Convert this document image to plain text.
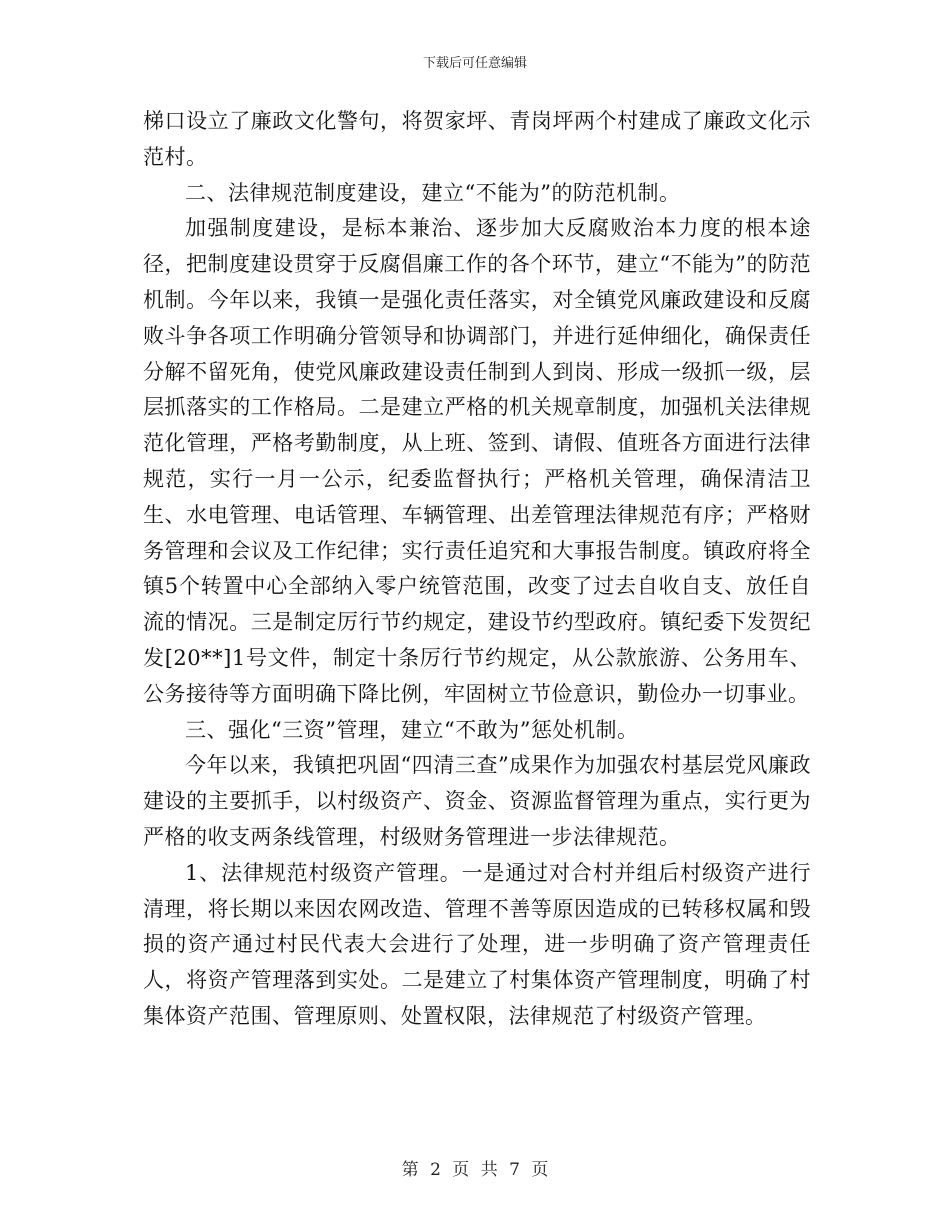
下载后可任意编辑

梯口设立了廉政文化警句，将贺家坪、青岗坪两个村建成了廉政文化示范村。

二、法律规范制度建设，建立“不能为”的防范机制。

加强制度建设，是标本兼治、逐步加大反腐败治本力度的根本途径，把制度建设贯穿于反腐倡廉工作的各个环节，建立“不能为”的防范机制。今年以来，我镇一是强化责任落实，对全镇党风廉政建设和反腐败斗争各项工作明确分管领导和协调部门，并进行延伸细化，确保责任分解不留死角，使党风廉政建设责任制到人到岗、形成一级抓一级，层层抓落实的工作格局。二是建立严格的机关规章制度，加强机关法律规范化管理，严格考勤制度，从上班、签到、请假、值班各方面进行法律规范，实行一月一公示，纪委监督执行；严格机关管理，确保清洁卫生、水电管理、电话管理、车辆管理、出差管理法律规范有序；严格财务管理和会议及工作纪律；实行责任追究和大事报告制度。镇政府将全镇5个转置中心全部纳入零户统管范围，改变了过去自收自支、放任自流的情况。三是制定厉行节约规定，建设节约型政府。镇纪委下发贺纪发[20**]1号文件，制定十条厉行节约规定，从公款旅游、公务用车、公务接待等方面明确下降比例，牢固树立节俭意识，勤俭办一切事业。

三、强化“三资”管理，建立“不敢为”惩处机制。

今年以来，我镇把巩固“四清三查”成果作为加强农村基层党风廉政建设的主要抓手，以村级资产、资金、资源监督管理为重点，实行更为严格的收支两条线管理，村级财务管理进一步法律规范。

1、法律规范村级资产管理。一是通过对合村并组后村级资产进行清理，将长期以来因农网改造、管理不善等原因造成的已转移权属和毁损的资产通过村民代表大会进行了处理，进一步明确了资产管理责任人，将资产管理落到实处。二是建立了村集体资产管理制度，明确了村集体资产范围、管理原则、处置权限，法律规范了村级资产管理。

第 2 页 共 7 页
